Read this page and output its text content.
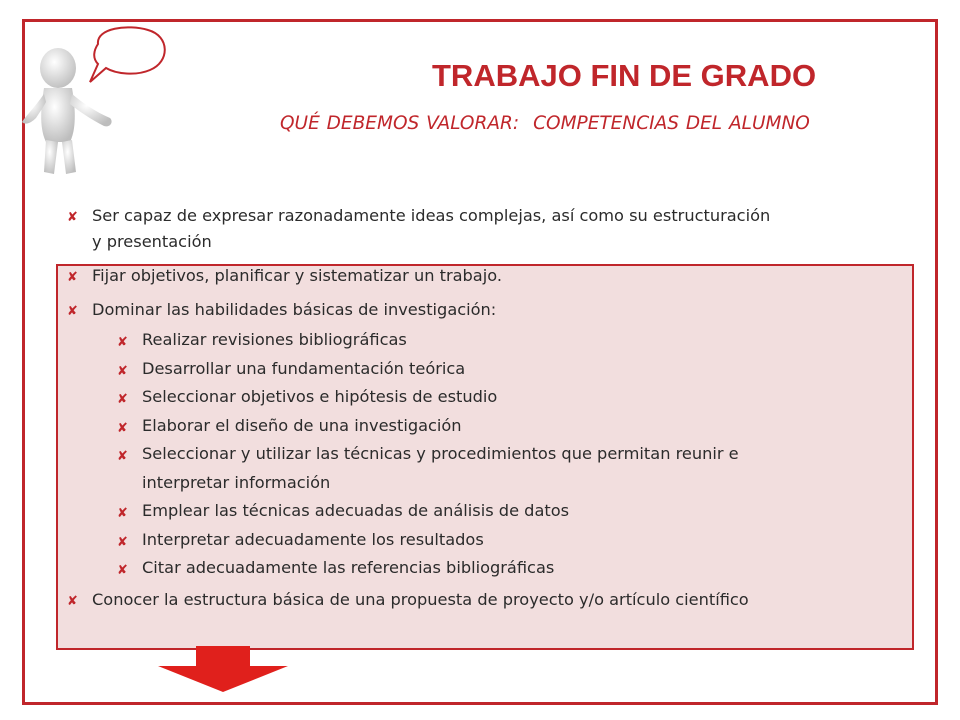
TRABAJO FIN DE GRADO
QUÉ DEBEMOS VALORAR: COMPETENCIAS DEL ALUMNO
✘ Ser capaz de expresar razonadamente ideas complejas, así como su estructuración
y presentación
✘ Fijar objetivos, planificar y sistematizar un trabajo.
✘ Dominar las habilidades básicas de investigación:
✘ Realizar revisiones bibliográficas
✘ Desarrollar una fundamentación teórica
✘ Seleccionar objetivos e hipótesis de estudio
✘ Elaborar el diseño de una investigación
✘ Seleccionar y utilizar las técnicas y procedimientos que permitan reunir e
interpretar información
✘ Emplear las técnicas adecuadas de análisis de datos
✘ Interpretar adecuadamente los resultados
✘ Citar adecuadamente las referencias bibliográficas
✘ Conocer la estructura básica de una propuesta de proyecto y/o artículo científico
